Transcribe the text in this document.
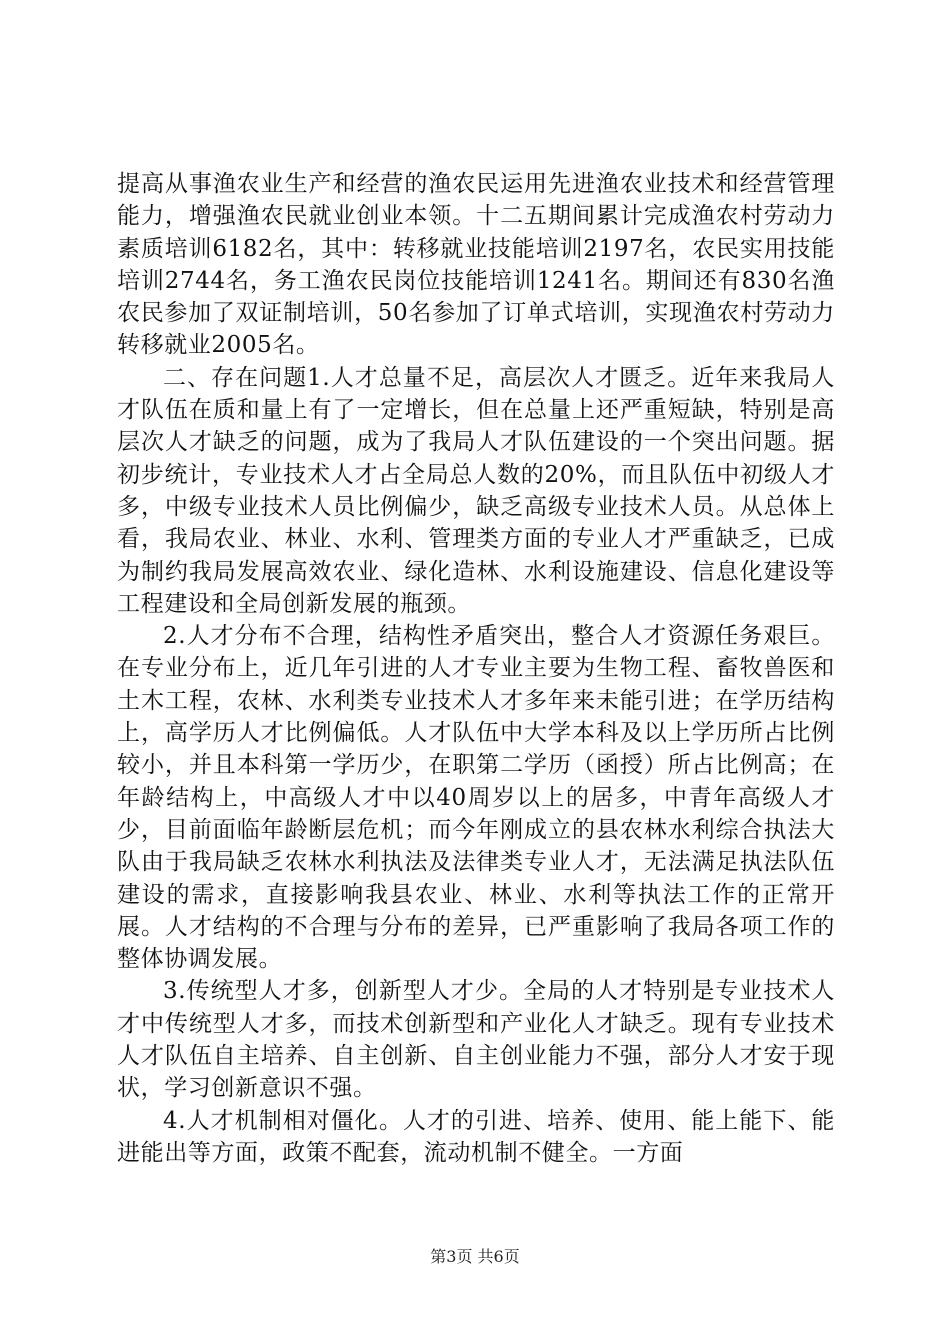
提高从事渔农业生产和经营的渔农民运用先进渔农业技术和经营管理能力，增强渔农民就业创业本领。十二五期间累计完成渔农村劳动力素质培训6182名，其中：转移就业技能培训2197名，农民实用技能培训2744名，务工渔农民岗位技能培训1241名。期间还有830名渔农民参加了双证制培训，50名参加了订单式培训，实现渔农村劳动力转移就业2005名。

二、存在问题1.人才总量不足，高层次人才匮乏。近年来我局人才队伍在质和量上有了一定增长，但在总量上还严重短缺，特别是高层次人才缺乏的问题，成为了我局人才队伍建设的一个突出问题。据初步统计，专业技术人才占全局总人数的20%，而且队伍中初级人才多，中级专业技术人员比例偏少，缺乏高级专业技术人员。从总体上看，我局农业、林业、水利、管理类方面的专业人才严重缺乏，已成为制约我局发展高效农业、绿化造林、水利设施建设、信息化建设等工程建设和全局创新发展的瓶颈。

2.人才分布不合理，结构性矛盾突出，整合人才资源任务艰巨。在专业分布上，近几年引进的人才专业主要为生物工程、畜牧兽医和土木工程，农林、水利类专业技术人才多年来未能引进；在学历结构上，高学历人才比例偏低。人才队伍中大学本科及以上学历所占比例较小，并且本科第一学历少，在职第二学历（函授）所占比例高；在年龄结构上，中高级人才中以40周岁以上的居多，中青年高级人才少，目前面临年龄断层危机；而今年刚成立的县农林水利综合执法大队由于我局缺乏农林水利执法及法律类专业人才，无法满足执法队伍建设的需求，直接影响我县农业、林业、水利等执法工作的正常开展。人才结构的不合理与分布的差异，已严重影响了我局各项工作的整体协调发展。

3.传统型人才多，创新型人才少。全局的人才特别是专业技术人才中传统型人才多，而技术创新型和产业化人才缺乏。现有专业技术人才队伍自主培养、自主创新、自主创业能力不强，部分人才安于现状，学习创新意识不强。

4.人才机制相对僵化。人才的引进、培养、使用、能上能下、能进能出等方面，政策不配套，流动机制不健全。一方面

第3页 共6页
